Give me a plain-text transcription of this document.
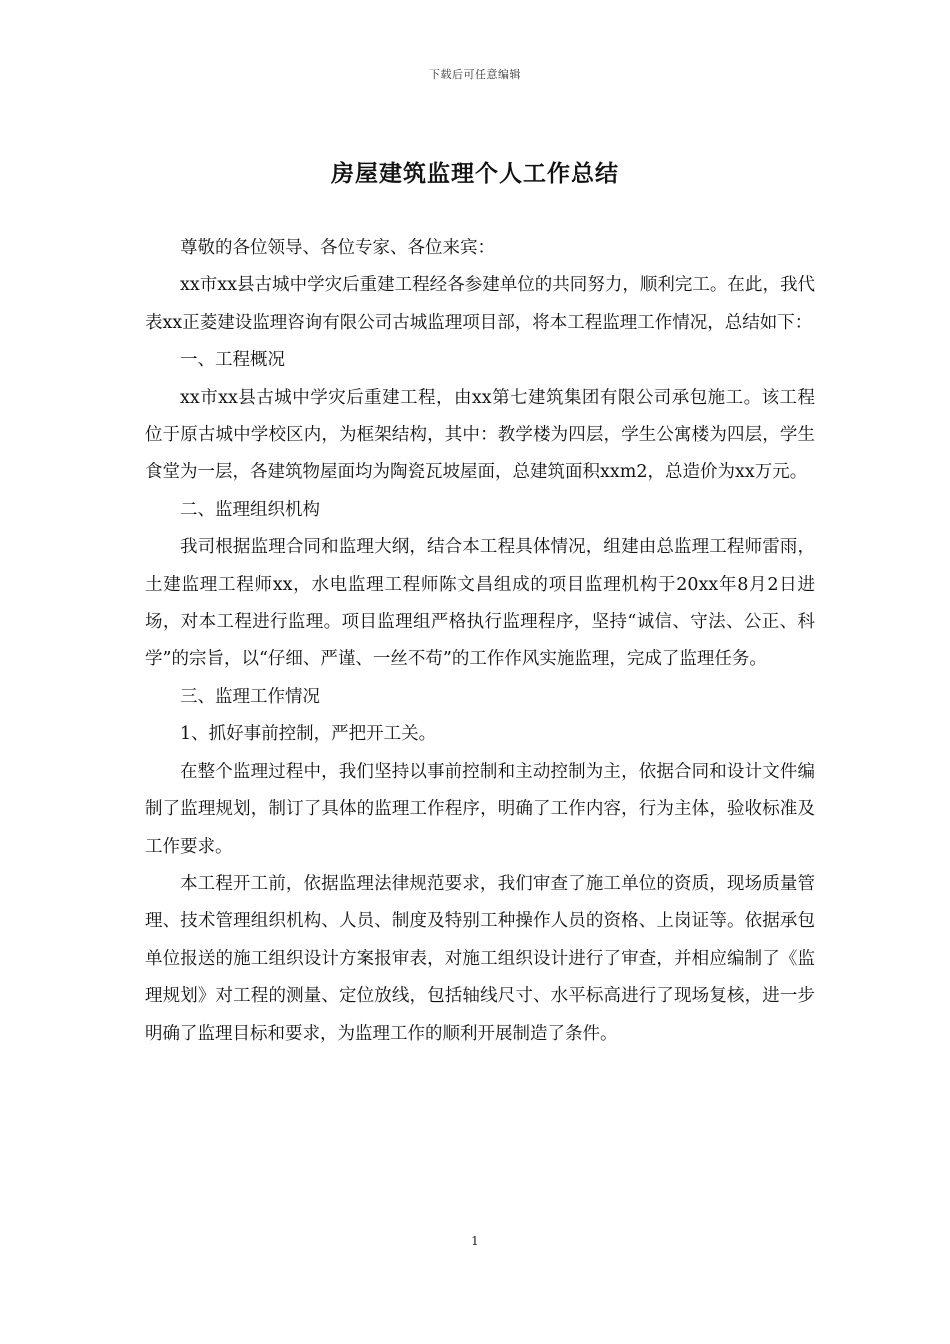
下载后可任意编辑
房屋建筑监理个人工作总结

尊敬的各位领导、各位专家、各位来宾：

xx市xx县古城中学灾后重建工程经各参建单位的共同努力，顺利完工。在此，我代表xx正菱建设监理咨询有限公司古城监理项目部，将本工程监理工作情况，总结如下：

一、工程概况

xx市xx县古城中学灾后重建工程，由xx第七建筑集团有限公司承包施工。该工程位于原古城中学校区内，为框架结构，其中：教学楼为四层，学生公寓楼为四层，学生食堂为一层，各建筑物屋面均为陶瓷瓦坡屋面，总建筑面积xxm2，总造价为xx万元。

二、监理组织机构

我司根据监理合同和监理大纲，结合本工程具体情况，组建由总监理工程师雷雨，土建监理工程师xx，水电监理工程师陈文昌组成的项目监理机构于20xx年8月2日进场，对本工程进行监理。项目监理组严格执行监理程序，坚持“诚信、守法、公正、科学”的宗旨，以“仔细、严谨、一丝不苟”的工作作风实施监理，完成了监理任务。

三、监理工作情况

1、抓好事前控制，严把开工关。

在整个监理过程中，我们坚持以事前控制和主动控制为主，依据合同和设计文件编制了监理规划，制订了具体的监理工作程序，明确了工作内容，行为主体，验收标准及工作要求。

本工程开工前，依据监理法律规范要求，我们审查了施工单位的资质，现场质量管理、技术管理组织机构、人员、制度及特别工种操作人员的资格、上岗证等。依据承包单位报送的施工组织设计方案报审表，对施工组织设计进行了审查，并相应编制了《监理规划》对工程的测量、定位放线，包括轴线尺寸、水平标高进行了现场复核，进一步明确了监理目标和要求，为监理工作的顺利开展制造了条件。

1
